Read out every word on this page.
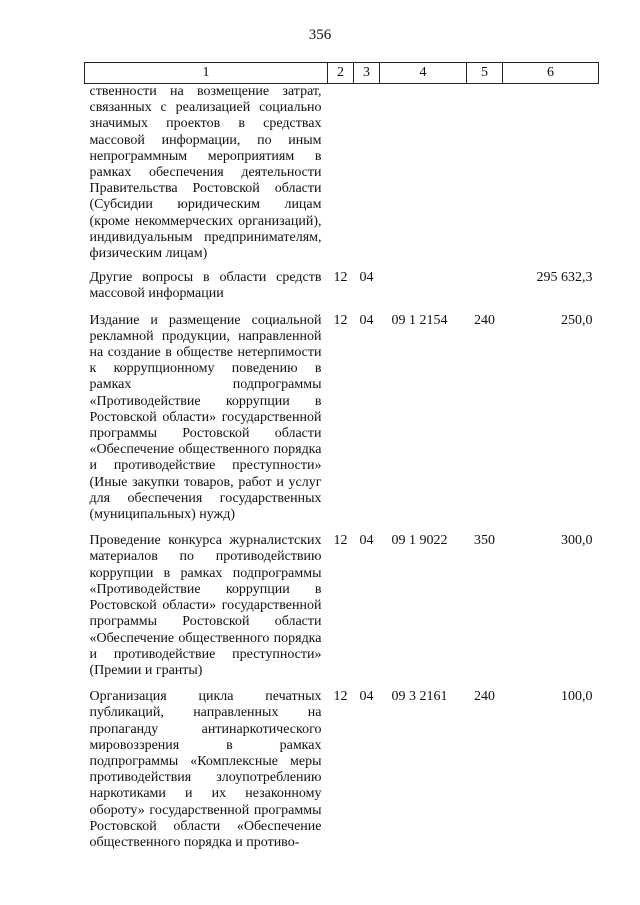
356
1	2	3	4	5	6
ственности на возмещение затрат, связанных с реализацией социально значимых проектов в средствах массовой информации, по иным непрограммным мероприятиям в рамках обеспечения деятельности Правительства Ростовской области (Субсидии юридическим лицам (кроме некоммерческих организаций), индивидуальным предпринимателям, физическим лицам)					
Другие вопросы в области средств массовой информации	12	04			295 632,3
Издание и размещение социальной рекламной продукции, направленной на создание в обществе нетерпимости к коррупционному поведению в рамках подпрограммы «Противодействие коррупции в Ростовской области» государственной программы Ростовской области «Обеспечение общественного порядка и противодействие преступности» (Иные закупки товаров, работ и услуг для обеспечения государственных (муниципальных) нужд)	12	04	09 1 2154	240	250,0
Проведение конкурса журналистских материалов по противодействию коррупции в рамках подпрограммы «Противодействие коррупции в Ростовской области» государственной программы Ростовской области «Обеспечение общественного порядка и противодействие преступности» (Премии и гранты)	12	04	09 1 9022	350	300,0
Организация цикла печатных публикаций, направленных на пропаганду антинаркотического мировоззрения в рамках подпрограммы «Комплексные меры противодействия злоупотреблению наркотиками и их незаконному обороту» государственной программы Ростовской области «Обеспечение общественного порядка и противо-	12	04	09 3 2161	240	100,0
